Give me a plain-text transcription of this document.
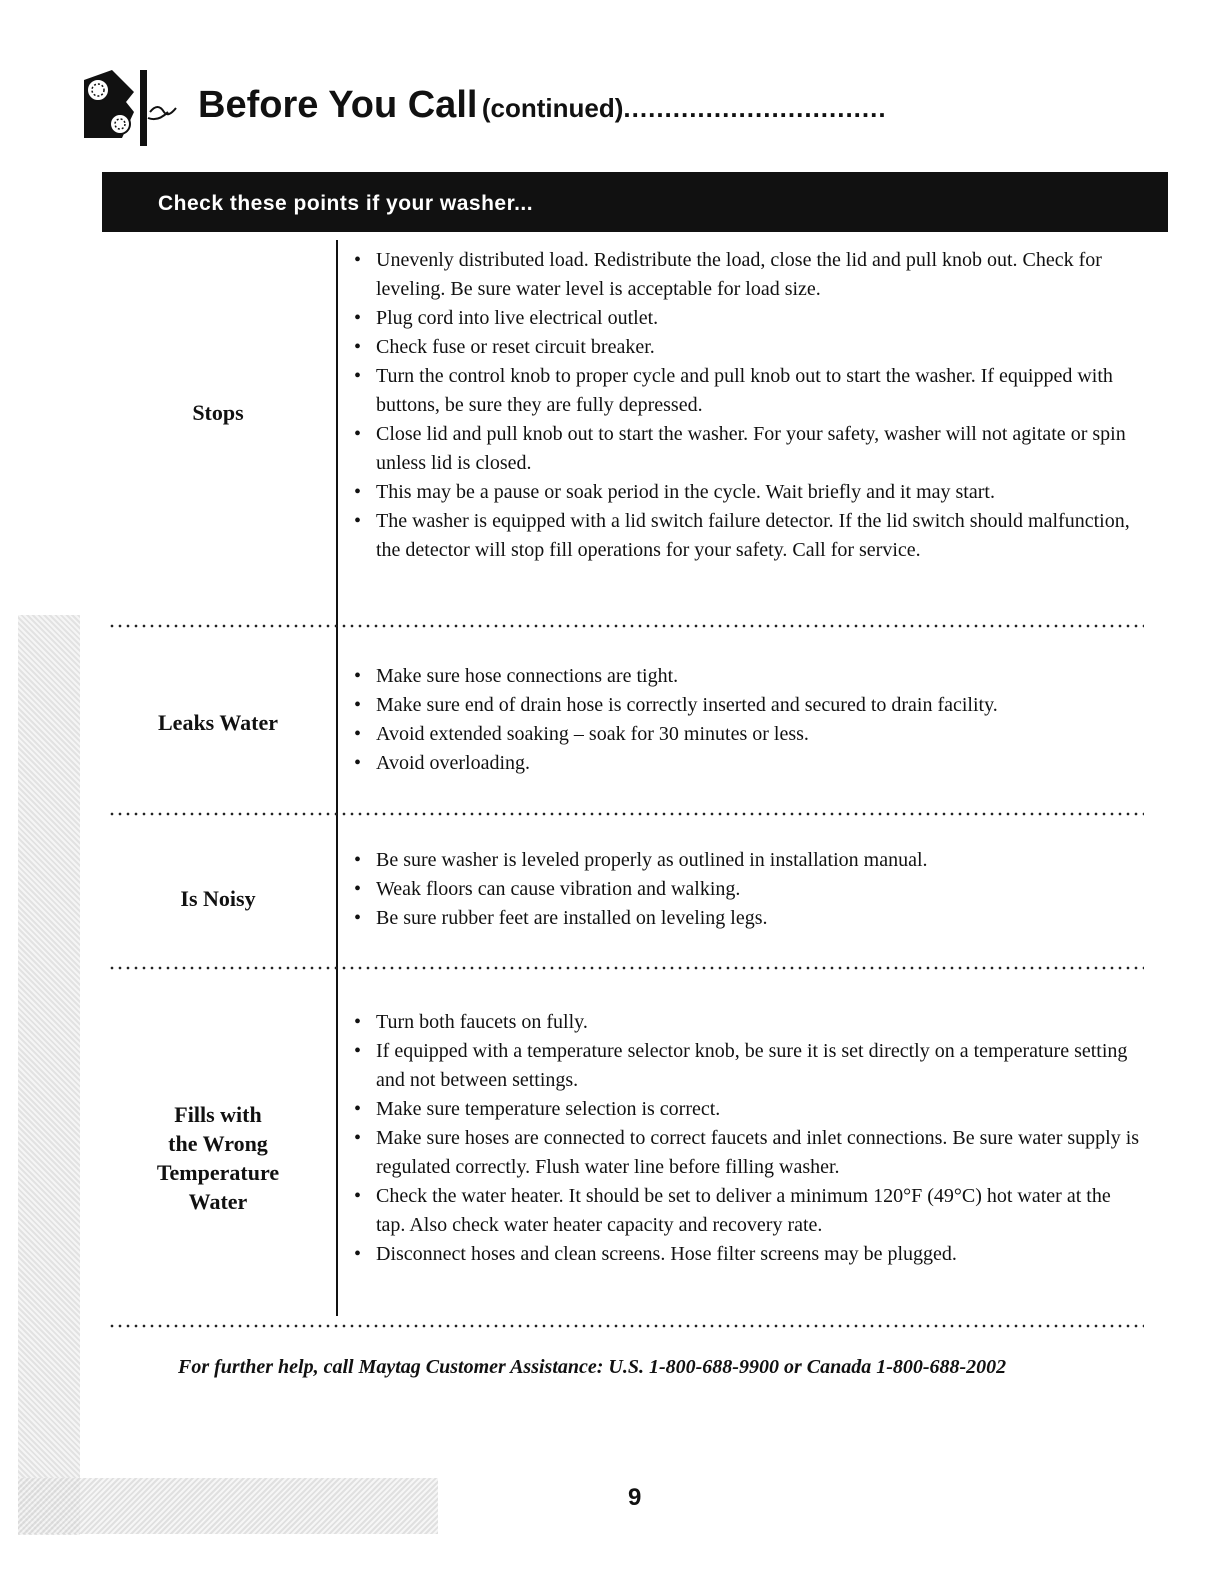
Before You Call (continued)................................
Check these points if your washer...
Stops
• Unevenly distributed load. Redistribute the load, close the lid and pull knob out. Check for leveling. Be sure water level is acceptable for load size.
• Plug cord into live electrical outlet.
• Check fuse or reset circuit breaker.
• Turn the control knob to proper cycle and pull knob out to start the washer. If equipped with buttons, be sure they are fully depressed.
• Close lid and pull knob out to start the washer. For your safety, washer will not agitate or spin unless lid is closed.
• This may be a pause or soak period in the cycle. Wait briefly and it may start.
• The washer is equipped with a lid switch failure detector. If the lid switch should malfunction, the detector will stop fill operations for your safety. Call for service.
Leaks Water
• Make sure hose connections are tight.
• Make sure end of drain hose is correctly inserted and secured to drain facility.
• Avoid extended soaking – soak for 30 minutes or less.
• Avoid overloading.
Is Noisy
• Be sure washer is leveled properly as outlined in installation manual.
• Weak floors can cause vibration and walking.
• Be sure rubber feet are installed on leveling legs.
Fills with
the Wrong
Temperature
Water
• Turn both faucets on fully.
• If equipped with a temperature selector knob, be sure it is set directly on a temperature setting and not between settings.
• Make sure temperature selection is correct.
• Make sure hoses are connected to correct faucets and inlet connections. Be sure water supply is regulated correctly. Flush water line before filling washer.
• Check the water heater. It should be set to deliver a minimum 120°F (49°C) hot water at the tap. Also check water heater capacity and recovery rate.
• Disconnect hoses and clean screens. Hose filter screens may be plugged.
For further help, call Maytag Customer Assistance: U.S. 1-800-688-9900 or Canada 1-800-688-2002
9
